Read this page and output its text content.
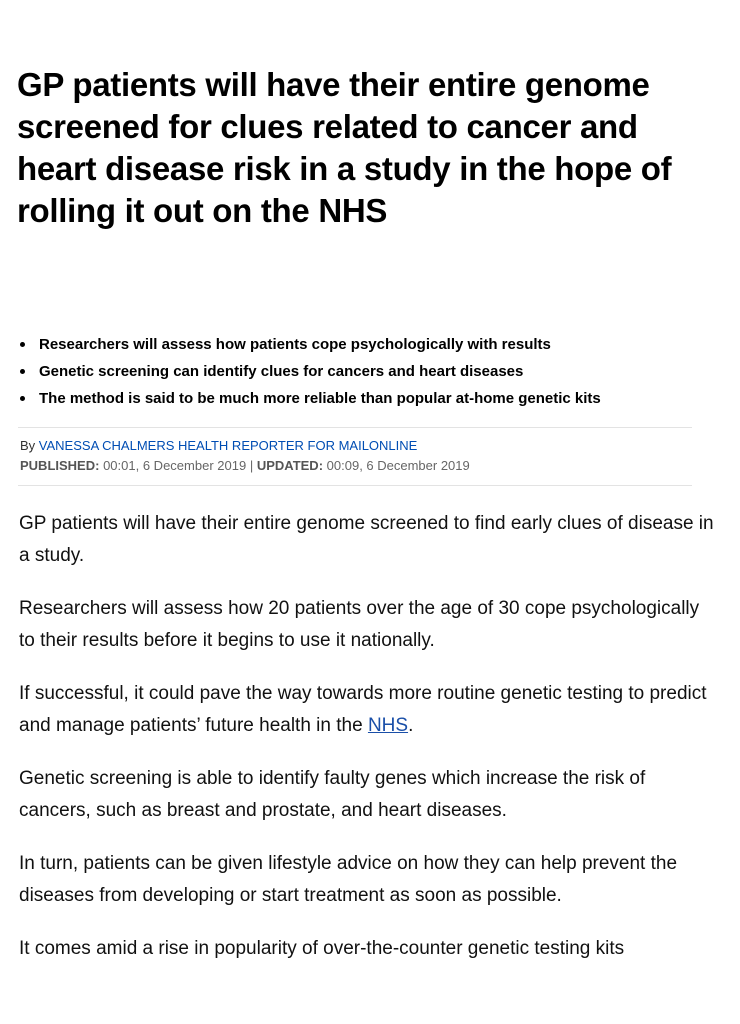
GP patients will have their entire genome screened for clues related to cancer and heart disease risk in a study in the hope of rolling it out on the NHS
Researchers will assess how patients cope psychologically with results
Genetic screening can identify clues for cancers and heart diseases
The method is said to be much more reliable than popular at-home genetic kits
By VANESSA CHALMERS HEALTH REPORTER FOR MAILONLINE
PUBLISHED: 00:01, 6 December 2019 | UPDATED: 00:09, 6 December 2019

GP patients will have their entire genome screened to find early clues of disease in a study.

Researchers will assess how 20 patients over the age of 30 cope psychologically to their results before it begins to use it nationally.

If successful, it could pave the way towards more routine genetic testing to predict and manage patients’ future health in the NHS.

Genetic screening is able to identify faulty genes which increase the risk of cancers, such as breast and prostate, and heart diseases.

In turn, patients can be given lifestyle advice on how they can help prevent the diseases from developing or start treatment as soon as possible.

It comes amid a rise in popularity of over-the-counter genetic testing kits
